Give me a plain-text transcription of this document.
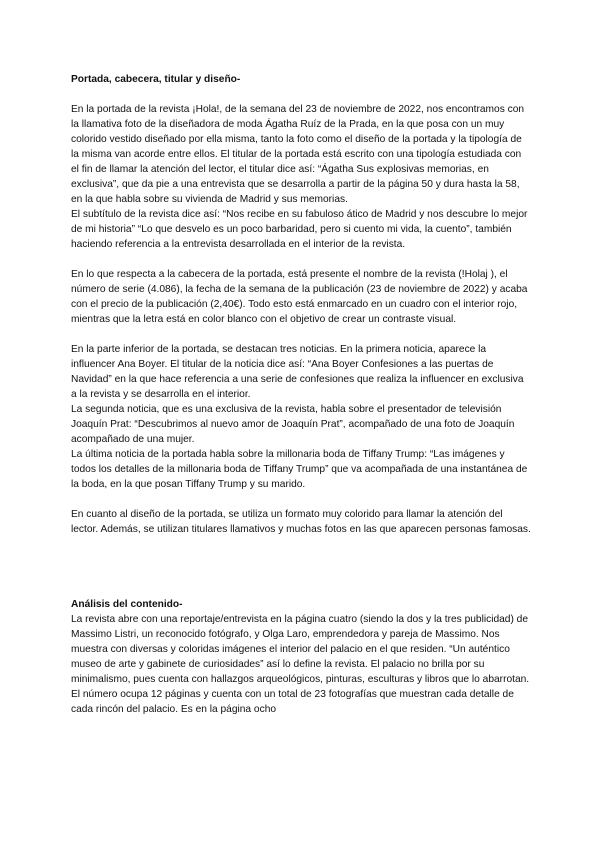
Portada, cabecera, titular y diseño-

En la portada de la revista ¡Hola!, de la semana del 23 de noviembre de 2022, nos encontramos con la llamativa foto de la diseñadora de moda Ágatha Ruíz de la Prada, en la que posa con un muy colorido vestido diseñado por ella misma, tanto la foto como el diseño de la portada y la tipología de la misma van acorde entre ellos. El titular de la portada está escrito con una tipología estudiada con el fin de llamar la atención del lector, el titular dice así: “Ágatha Sus explosivas memorias, en exclusiva”, que da pie a una entrevista que se desarrolla a partir de la página 50 y dura hasta la 58, en la que habla sobre su vivienda de Madrid y sus memorias.

El subtítulo de la revista dice así: “Nos recibe en su fabuloso ático de Madrid y nos descubre lo mejor de mi historia” “Lo que desvelo es un poco barbaridad, pero si cuento mi vida, la cuento”, también haciendo referencia a la entrevista desarrollada en el interior de la revista.

En lo que respecta a la cabecera de la portada, está presente el nombre de la revista (!Holaj ), el número de serie (4.086), la fecha de la semana de la publicación (23 de noviembre de 2022) y acaba con el precio de la publicación (2,40€). Todo esto está enmarcado en un cuadro con el interior rojo, mientras que la letra está en color blanco con el objetivo de crear un contraste visual.

En la parte inferior de la portada, se destacan tres noticias. En la primera noticia, aparece la influencer Ana Boyer. El titular de la noticia dice así: “Ana Boyer Confesiones a las puertas de Navidad” en la que hace referencia a una serie de confesiones que realiza la influencer en exclusiva a la revista y se desarrolla en el interior.

La segunda noticia, que es una exclusiva de la revista, habla sobre el presentador de televisión Joaquín Prat: “Descubrimos al nuevo amor de Joaquín Prat”, acompañado de una foto de Joaquín acompañado de una mujer.

La última noticia de la portada habla sobre la millonaria boda de Tiffany Trump: “Las imágenes y todos los detalles de la millonaria boda de Tiffany Trump” que va acompañada de una instantánea de la boda, en la que posan Tiffany Trump y su marido.

En cuanto al diseño de la portada, se utiliza un formato muy colorido para llamar la atención del lector. Además, se utilizan titulares llamativos y muchas fotos en las que aparecen personas famosas.

Análisis del contenido-

La revista abre con una reportaje/entrevista en la página cuatro (siendo la dos y la tres publicidad) de Massimo Listri, un reconocido fotógrafo, y Olga Laro, emprendedora y pareja de Massimo. Nos muestra con diversas y coloridas imágenes el interior del palacio en el que residen. “Un auténtico museo de arte y gabinete de curiosidades” así lo define la revista. El palacio no brilla por su minimalismo, pues cuenta con hallazgos arqueológicos, pinturas, esculturas y libros que lo abarrotan. El número ocupa 12 páginas y cuenta con un total de 23 fotografías que muestran cada detalle de cada rincón del palacio. Es en la página ocho
